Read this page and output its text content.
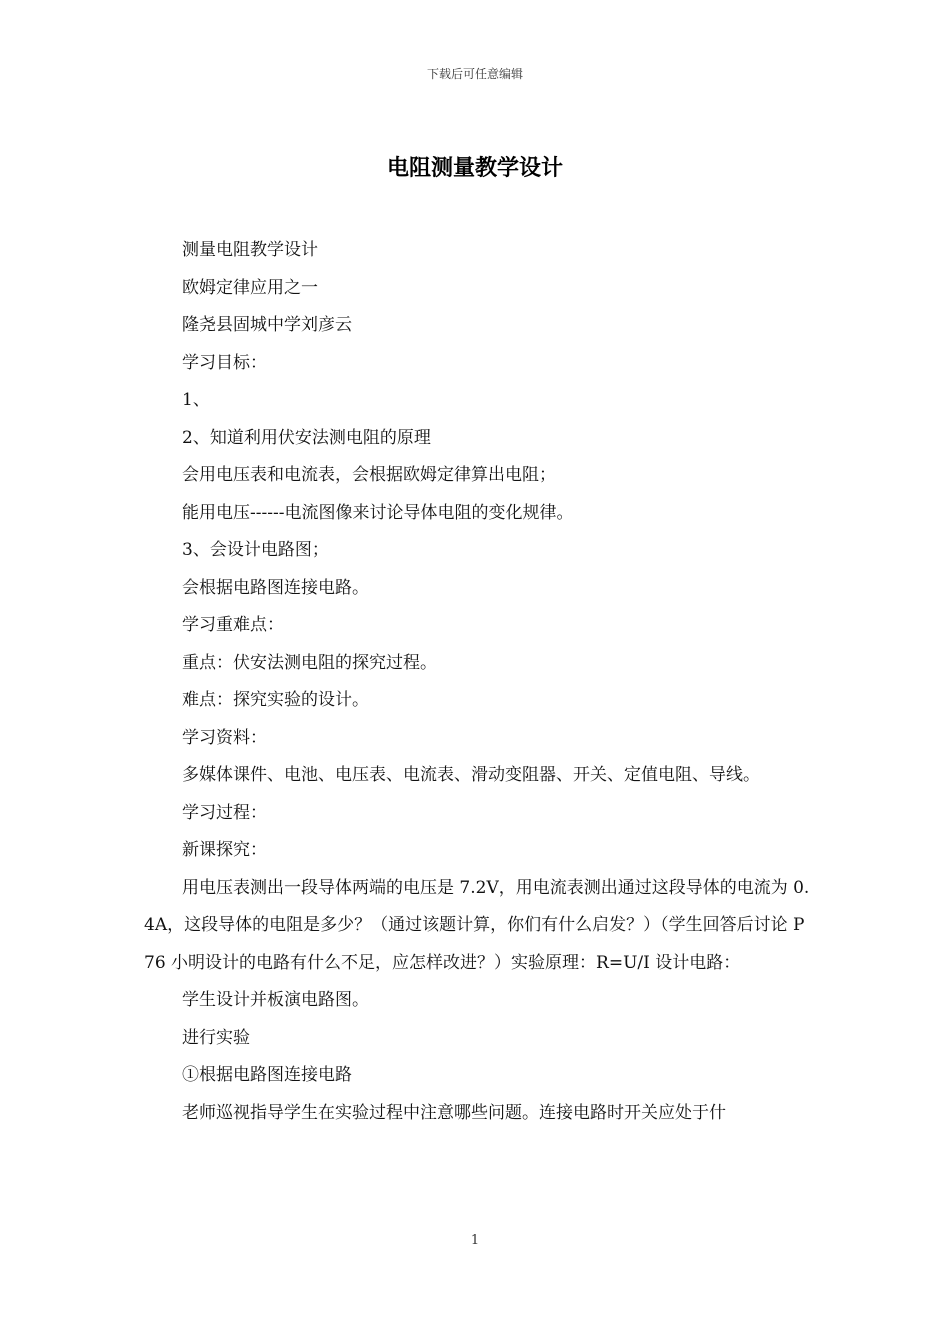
下载后可任意编辑
电阻测量教学设计

测量电阻教学设计

欧姆定律应用之一

隆尧县固城中学刘彦云

学习目标：

1、

2、知道利用伏安法测电阻的原理

会用电压表和电流表，会根据欧姆定律算出电阻；

能用电压------电流图像来讨论导体电阻的变化规律。

3、会设计电路图；

会根据电路图连接电路。

学习重难点：

重点：伏安法测电阻的探究过程。

难点：探究实验的设计。

学习资料：

多媒体课件、电池、电压表、电流表、滑动变阻器、开关、定值电阻、导线。

学习过程：

新课探究：

用电压表测出一段导体两端的电压是 7.2V，用电流表测出通过这段导体的电流为 0.4A，这段导体的电阻是多少？（通过该题计算，你们有什么启发？）（学生回答后讨论 P76 小明设计的电路有什么不足，应怎样改进？）实验原理：R=U/I 设计电路：

学生设计并板演电路图。

进行实验

①根据电路图连接电路

老师巡视指导学生在实验过程中注意哪些问题。连接电路时开关应处于什

1
